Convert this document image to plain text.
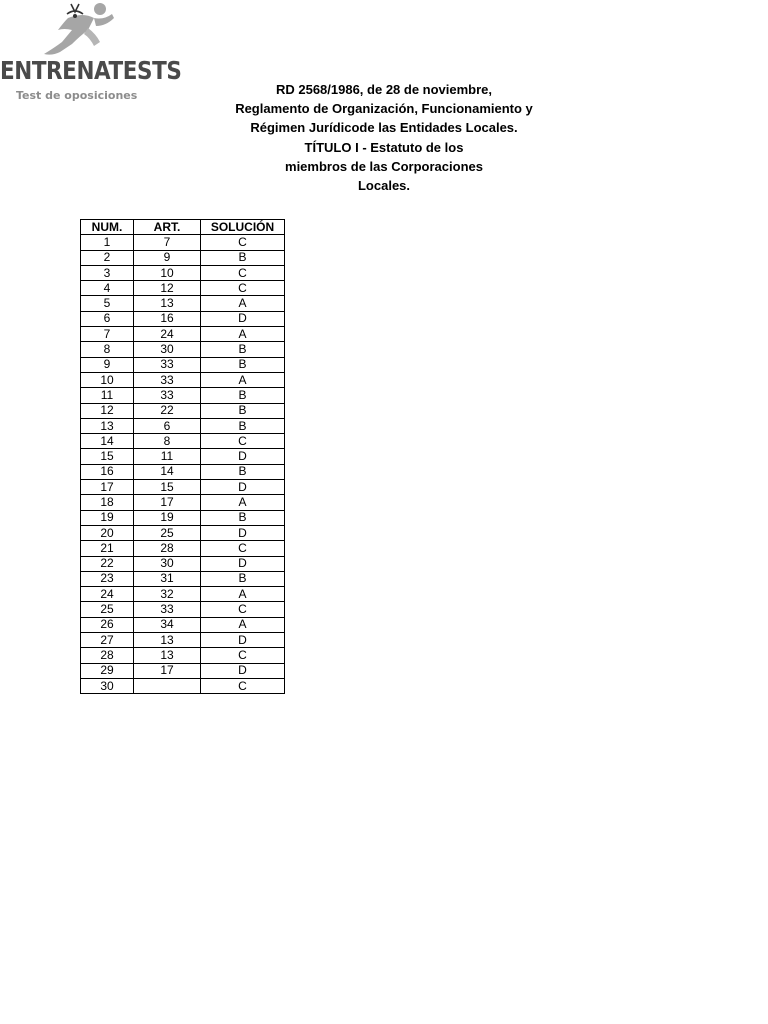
ENTRENATESTS
Test de oposiciones	RD 2568/1986, de 28 de noviembre,
Reglamento de Organización, Funcionamiento y
Régimen Jurídicode las Entidades Locales.
TÍTULO I - Estatuto de los
miembros de las Corporaciones
Locales.
NUM.	ART.	SOLUCIÓN
1	7	C
2	9	B
3	10	C
4	12	C
5	13	A
6	16	D
7	24	A
8	30	B
9	33	B
10	33	A
11	33	B
12	22	B
13	6	B
14	8	C
15	11	D
16	14	B
17	15	D
18	17	A
19	19	B
20	25	D
21	28	C
22	30	D
23	31	B
24	32	A
25	33	C
26	34	A
27	13	D
28	13	C
29	17	D
30		C
